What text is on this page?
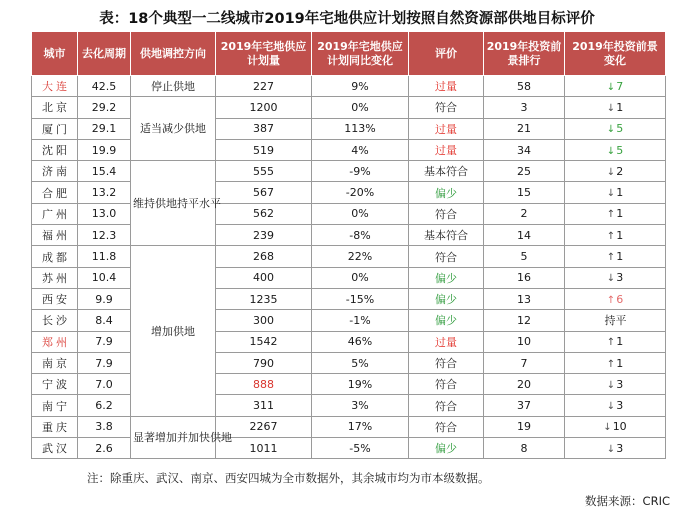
表：18个典型一二线城市2019年宅地供应计划按照自然资源部供地目标评价
城市	去化周期	供地调控方向	2019年宅地供应计划量	2019年宅地供应计划同比变化	评价	2019年投资前景排行	2019年投资前景变化
大连	42.5	停止供地	227	9%	过量	58	↓7
北京	29.2	适当减少供地	1200	0%	符合	3	↓1
厦门	29.1		387	113%	过量	21	↓5
沈阳	19.9		519	4%	过量	34	↓5
济南	15.4	维持供地持平水平	555	-9%	基本符合	25	↓2
合肥	13.2		567	-20%	偏少	15	↓1
广州	13.0		562	0%	符合	2	↑1
福州	12.3		239	-8%	基本符合	14	↑1
成都	11.8	增加供地	268	22%	符合	5	↑1
苏州	10.4		400	0%	偏少	16	↓3
西安	9.9		1235	-15%	偏少	13	↑6
长沙	8.4		300	-1%	偏少	12	持平
郑州	7.9		1542	46%	过量	10	↑1
南京	7.9		790	5%	符合	7	↑1
宁波	7.0		888	19%	符合	20	↓3
南宁	6.2		311	3%	符合	37	↓3
重庆	3.8	显著增加并加快供地	2267	17%	符合	19	↓10
武汉	2.6		1011	-5%	偏少	8	↓3
注：除重庆、武汉、南京、西安四城为全市数据外，其余城市均为市本级数据。
数据来源：CRIC
